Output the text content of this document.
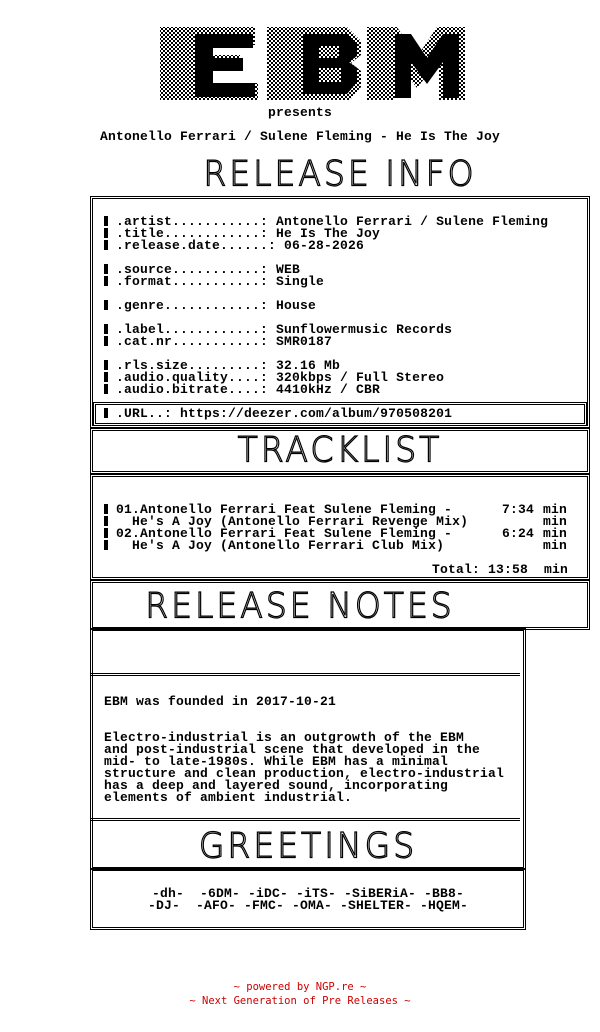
presents
Antonello Ferrari / Sulene Fleming - He Is The Joy
RELEASE INFO
.artist...........: Antonello Ferrari / Sulene Fleming
.title............: He Is The Joy
.release.date......: 06-28-2026
.source...........: WEB
.format...........: Single
.genre............: House
.label............: Sunflowermusic Records
.cat.nr...........: SMR0187
.rls.size.........: 32.16 Mb
.audio.quality....: 320kbps / Full Stereo
.audio.bitrate....: 4410kHz / CBR
.URL..: https://deezer.com/album/970508201
TRACKLIST
01.Antonello Ferrari Feat Sulene Fleming -	7:34 min
He's A Joy (Antonello Ferrari Revenge Mix)	min
02.Antonello Ferrari Feat Sulene Fleming -	6:24 min
He's A Joy (Antonello Ferrari Club Mix)	min
Total: 13:58  min
RELEASE NOTES
EBM was founded in 2017-10-21
Electro-industrial is an outgrowth of the EBM
and post-industrial scene that developed in the
mid- to late-1980s. While EBM has a minimal
structure and clean production, electro-industrial
has a deep and layered sound, incorporating
elements of ambient industrial.
GREETINGS
-dh-  -6DM- -iDC- -iTS- -SiBERiA- -BB8-
-DJ-  -AFO- -FMC- -OMA- -SHELTER- -HQEM-
~ powered by NGP.re ~
~ Next Generation of Pre Releases ~
